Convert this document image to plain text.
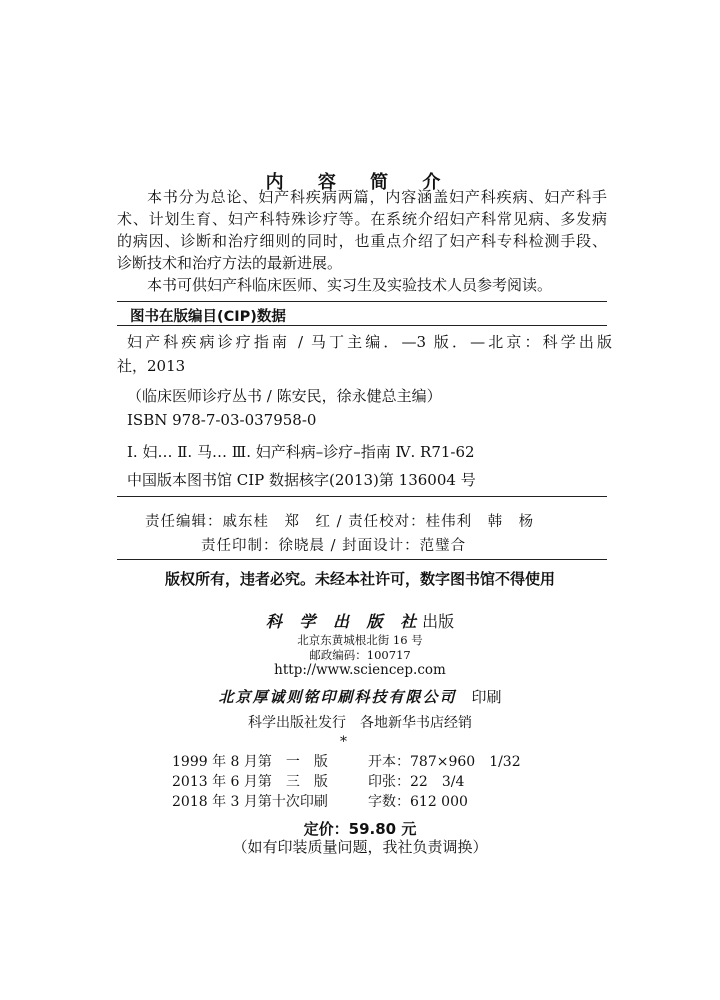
内 容 简 介
本书分为总论、妇产科疾病两篇，内容涵盖妇产科疾病、妇产科手
术、计划生育、妇产科特殊诊疗等。在系统介绍妇产科常见病、多发病
的病因、诊断和治疗细则的同时，也重点介绍了妇产科专科检测手段、
诊断技术和治疗方法的最新进展。
本书可供妇产科临床医师、实习生及实验技术人员参考阅读。
图书在版编目(CIP)数据
妇产科疾病诊疗指南 / 马丁主编．—3 版．—北京：科学出版
社，2013
（临床医师诊疗丛书 / 陈安民，徐永健总主编）
ISBN 978-7-03-037958-0
Ⅰ. 妇… Ⅱ. 马… Ⅲ. 妇产科病–诊疗–指南 Ⅳ. R71-62
中国版本图书馆 CIP 数据核字(2013)第 136004 号
责任编辑：戚东桂　郑　红 / 责任校对：桂伟利　韩　杨
责任印制：徐晓晨 / 封面设计：范璧合
版权所有，违者必究。未经本社许可，数字图书馆不得使用
科 学 出 版 社出版
北京东黄城根北街 16 号
邮政编码：100717
http://www.sciencep.com
北京厚诚则铭印刷科技有限公司　 印刷
科学出版社发行　各地新华书店经销
*
1999 年 8 月第　一　版	开本：787×960　 1/32
2013 年 6 月第　三　版	印张：22　 3/4
2018 年 3 月第十次印刷	字数：612 000
定价：59.80 元
（如有印装质量问题，我社负责调换）
